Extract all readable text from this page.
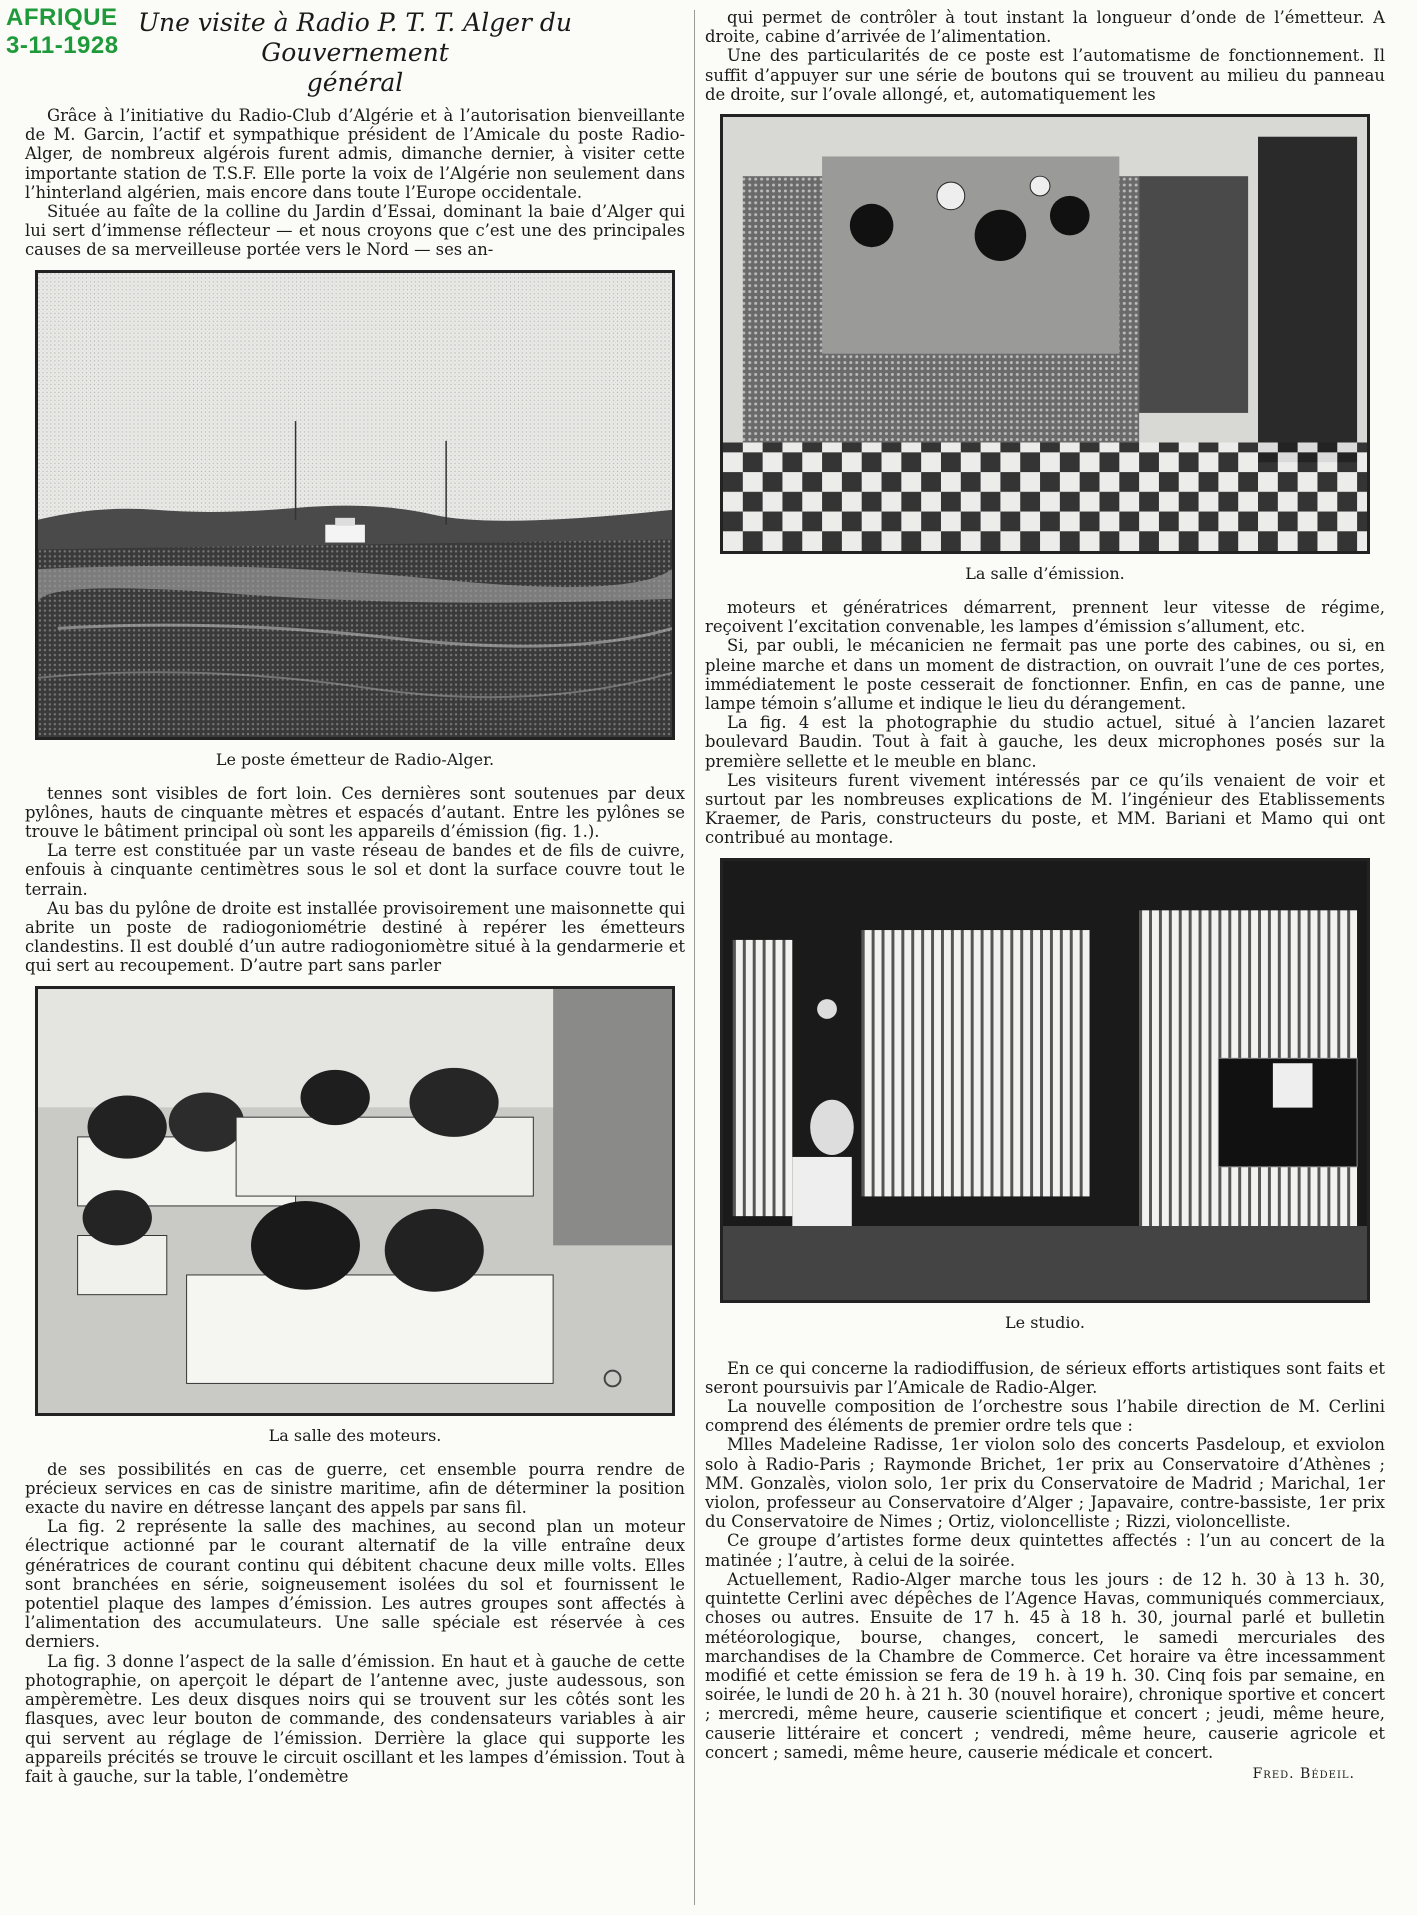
AFRIQUE
3-11-1928
Une visite à Radio P. T. T. Alger du Gouvernement
général

Grâce à l’initiative du Radio-Club d’Algérie et à l’autorisation bienveillante de M. Garcin, l’actif et sympathique président de l’Amicale du poste Radio-Alger, de nombreux algérois furent admis, dimanche dernier, à visiter cette importante station de T.S.F. Elle porte la voix de l’Algérie non seulement dans l’hinterland algérien, mais encore dans toute l’Europe occidentale.

Située au faîte de la colline du Jardin d’Essai, dominant la baie d’Alger qui lui sert d’immense réflecteur — et nous croyons que c’est une des principales causes de sa merveilleuse portée vers le Nord — ses an-

Le poste émetteur de Radio-Alger.

tennes sont visibles de fort loin. Ces dernières sont soutenues par deux pylônes, hauts de cinquante mètres et espacés d’autant. Entre les pylônes se trouve le bâtiment principal où sont les appareils d’émission (fig. 1.).

La terre est constituée par un vaste réseau de bandes et de fils de cuivre, enfouis à cinquante centimètres sous le sol et dont la surface couvre tout le terrain.

Au bas du pylône de droite est installée provisoirement une maisonnette qui abrite un poste de radiogoniométrie destiné à repérer les émetteurs clandestins. Il est doublé d’un autre radiogoniomètre situé à la gendarmerie et qui sert au recoupement. D’autre part sans parler

La salle des moteurs.

de ses possibilités en cas de guerre, cet ensemble pourra rendre de précieux services en cas de sinistre maritime, afin de déterminer la position exacte du navire en détresse lançant des appels par sans fil.

La fig. 2 représente la salle des machines, au second plan un moteur électrique actionné par le courant alternatif de la ville entraîne deux génératrices de courant continu qui débitent chacune deux mille volts. Elles sont branchées en série, soigneusement isolées du sol et fournissent le potentiel plaque des lampes d’émission. Les autres groupes sont affectés à l’alimentation des accumulateurs. Une salle spéciale est réservée à ces derniers.

La fig. 3 donne l’aspect de la salle d’émission. En haut et à gauche de cette photographie, on aperçoit le départ de l’antenne avec, juste audessous, son ampèremètre. Les deux disques noirs qui se trouvent sur les côtés sont les flasques, avec leur bouton de commande, des condensateurs variables à air qui servent au réglage de l’émission. Derrière la glace qui supporte les appareils précités se trouve le circuit oscillant et les lampes d’émission. Tout à fait à gauche, sur la table, l’ondemètre

qui permet de contrôler à tout instant la longueur d’onde de l’émetteur. A droite, cabine d’arrivée de l’alimentation.

Une des particularités de ce poste est l’automatisme de fonctionnement. Il suffit d’appuyer sur une série de boutons qui se trouvent au milieu du panneau de droite, sur l’ovale allongé, et, automatiquement les

La salle d’émission.

moteurs et génératrices démarrent, prennent leur vitesse de régime, reçoivent l’excitation convenable, les lampes d’émission s’allument, etc.

Si, par oubli, le mécanicien ne fermait pas une porte des cabines, ou si, en pleine marche et dans un moment de distraction, on ouvrait l’une de ces portes, immédiatement le poste cesserait de fonctionner. Enfin, en cas de panne, une lampe témoin s’allume et indique le lieu du dérangement.

La fig. 4 est la photographie du studio actuel, situé à l’ancien lazaret boulevard Baudin. Tout à fait à gauche, les deux microphones posés sur la première sellette et le meuble en blanc.

Les visiteurs furent vivement intéressés par ce qu’ils venaient de voir et surtout par les nombreuses explications de M. l’ingénieur des Etablissements Kraemer, de Paris, constructeurs du poste, et MM. Bariani et Mamo qui ont contribué au montage.

Le studio.

En ce qui concerne la radiodiffusion, de sérieux efforts artistiques sont faits et seront poursuivis par l’Amicale de Radio-Alger.

La nouvelle composition de l’orchestre sous l’habile direction de M. Cerlini comprend des éléments de premier ordre tels que :

Mlles Madeleine Radisse, 1er violon solo des concerts Pasdeloup, et exviolon solo à Radio-Paris ; Raymonde Brichet, 1er prix au Conservatoire d’Athènes ; MM. Gonzalès, violon solo, 1er prix du Conservatoire de Madrid ; Marichal, 1er violon, professeur au Conservatoire d’Alger ; Japavaire, contre-bassiste, 1er prix du Conservatoire de Nimes ; Ortiz, violoncelliste ; Rizzi, violoncelliste.

Ce groupe d’artistes forme deux quintettes affectés : l’un au concert de la matinée ; l’autre, à celui de la soirée.

Actuellement, Radio-Alger marche tous les jours : de 12 h. 30 à 13 h. 30, quintette Cerlini avec dépêches de l’Agence Havas, communiqués commerciaux, choses ou autres. Ensuite de 17 h. 45 à 18 h. 30, journal parlé et bulletin météorologique, bourse, changes, concert, le samedi mercuriales des marchandises de la Chambre de Commerce. Cet horaire va être incessamment modifié et cette émission se fera de 19 h. à 19 h. 30. Cinq fois par semaine, en soirée, le lundi de 20 h. à 21 h. 30 (nouvel horaire), chronique sportive et concert ; mercredi, même heure, causerie scientifique et concert ; jeudi, même heure, causerie littéraire et concert ; vendredi, même heure, causerie agricole et concert ; samedi, même heure, causerie médicale et concert.

Fred. Bédeil.
